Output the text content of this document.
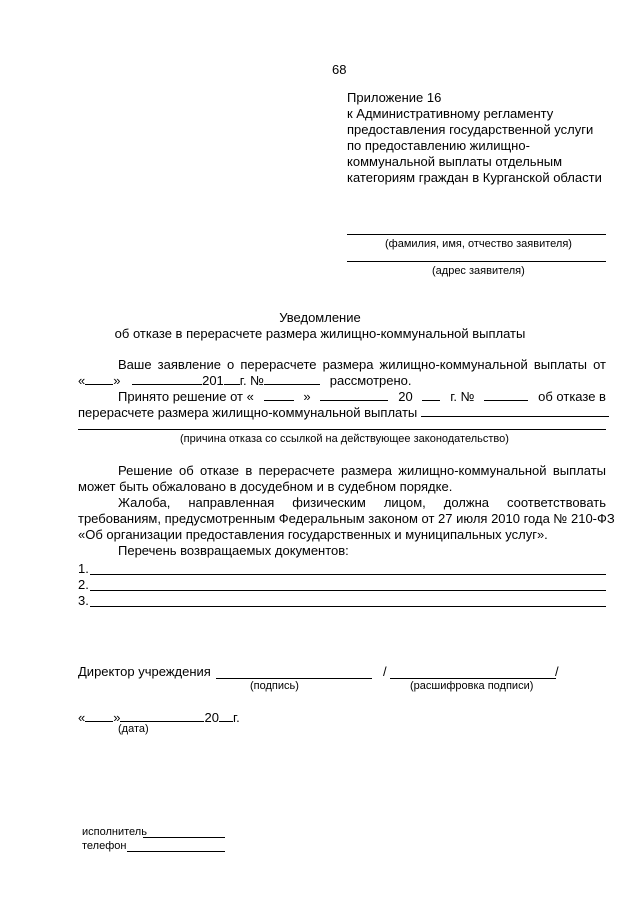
68
Приложение 16
к Административному регламенту
предоставления государственной услуги
по предоставлению жилищно-
коммунальной выплаты отдельным
категориям граждан в Курганской области
(фамилия, имя, отчество заявителя)
(адрес заявителя)
Уведомление
об отказе в перерасчете размера жилищно-коммунальной выплаты
Ваше заявление о перерасчете размера жилищно-коммунальной выплаты от
« »	201 г. №	рассмотрено.
Принято решение от «	»	20	г. №	об отказе в
перерасчете размера жилищно-коммунальной выплаты
(причина отказа со ссылкой на действующее законодательство)
Решение об отказе в перерасчете размера жилищно-коммунальной выплаты
может быть обжаловано в досудебном и в судебном порядке.
Жалоба, направленная физическим лицом, должна соответствовать
требованиям, предусмотренным Федеральным законом от 27 июля 2010 года № 210-ФЗ
«Об организации предоставления государственных и муниципальных услуг».
Перечень возвращаемых документов:
1.
2.
3.
Директор учреждения
(подпись)
/	/
(расшифровка подписи)
« »	20 г.
(дата)
исполнитель
телефон
